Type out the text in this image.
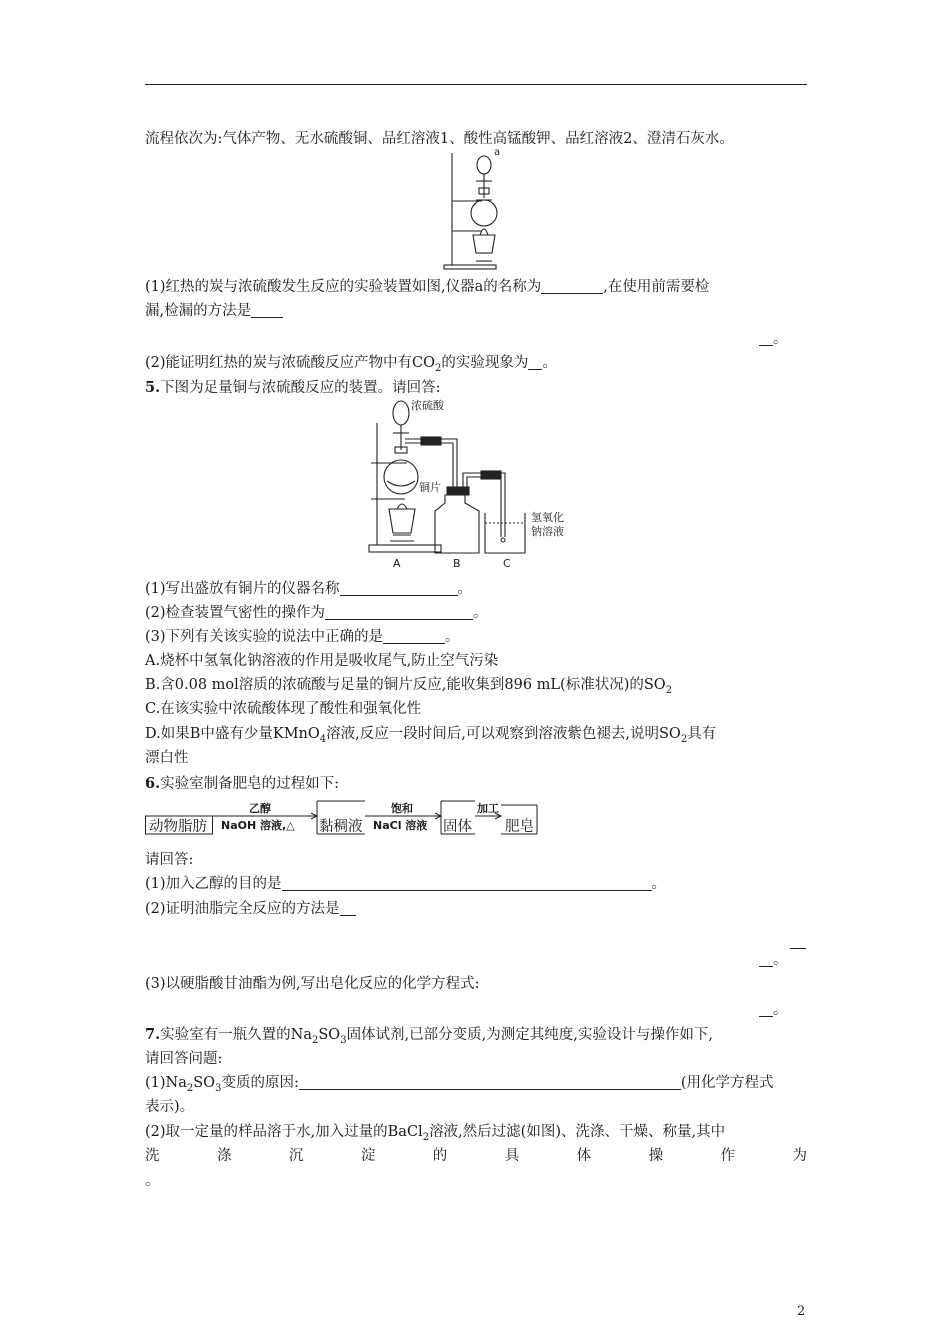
流程依次为:气体产物、无水硫酸铜、品红溶液1、酸性高锰酸钾、品红溶液2、澄清石灰水。
a
(1)红热的炭与浓硫酸发生反应的实验装置如图,仪器a的名称为	,在使用前需要检
漏,检漏的方法是
。
(2)能证明红热的炭与浓硫酸反应产物中有$CO_2$的实验现象为 。
5.下图为足量铜与浓硫酸反应的装置。请回答:
浓硫酸
铜片
氢氧化
钠溶液
A	B	C
(1)写出盛放有铜片的仪器名称	。
(2)检查装置气密性的操作为	。
(3)下列有关该实验的说法中正确的是	。
A.烧杯中氢氧化钠溶液的作用是吸收尾气,防止空气污染
B.含0.08 mol溶质的浓硫酸与足量的铜片反应,能收集到896 mL(标准状况)的$SO_2$
C.在该实验中浓硫酸体现了酸性和强氧化性
D.如果B中盛有少量KMnO$_4$溶液,反应一段时间后,可以观察到溶液紫色褪去,说明$SO_2$具有
漂白性
6.实验室制备肥皂的过程如下:
动物脂肪
乙醇
NaOH 溶液,△ 黏稠液
饱和
NaCl 溶液 固体
加工
肥皂
请回答:
(1)加入乙醇的目的是	。
(2)证明油脂完全反应的方法是
。
(3)以硬脂酸甘油酯为例,写出皂化反应的化学方程式:
。
7.实验室有一瓶久置的$Na_2SO_3$固体试剂,已部分变质,为测定其纯度,实验设计与操作如下,
请回答问题:
$(1)Na_2SO_3$变质的原因:	(用化学方程式
表示)。
(2)取一定量的样品溶于水,加入过量的BaCl$_2$溶液,然后过滤(如图)、洗涤、干燥、称量,其中
洗	涤	沉	淀	的	具	体	操	作	为
。
2
